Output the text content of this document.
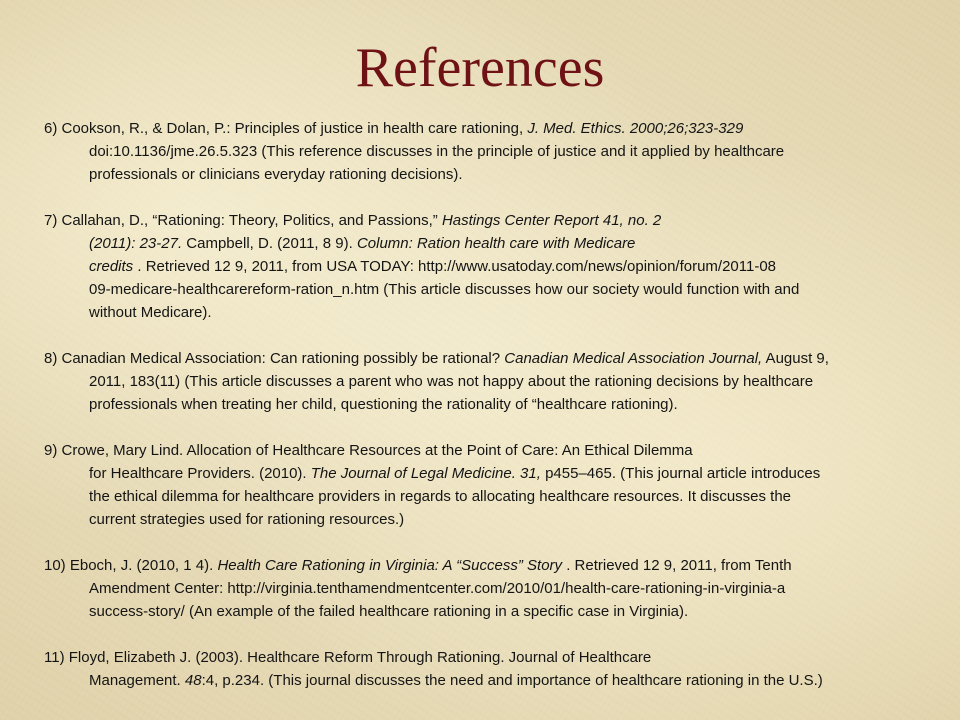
References
6) Cookson, R., & Dolan, P.: Principles of justice in health care rationing, J. Med. Ethics. 2000;26;323-329
doi:10.1136/jme.26.5.323 (This reference discusses in the principle of justice and it applied by healthcare
professionals or clinicians everyday rationing decisions).
7) Callahan, D., “Rationing: Theory, Politics, and Passions,” Hastings Center Report 41, no. 2
(2011): 23-27. Campbell, D. (2011, 8 9). Column: Ration health care with Medicare
credits . Retrieved 12 9, 2011, from USA TODAY: http://www.usatoday.com/news/opinion/forum/2011-08
09-medicare-healthcarereform-ration_n.htm (This article discusses how our society would function with and
without Medicare).
8) Canadian Medical Association: Can rationing possibly be rational? Canadian Medical Association Journal, August 9,
2011, 183(11) (This article discusses a parent who was not happy about the rationing decisions by healthcare
professionals when treating her child, questioning the rationality of “healthcare rationing).
9) Crowe, Mary Lind. Allocation of Healthcare Resources at the Point of Care: An Ethical Dilemma
for Healthcare Providers. (2010). The Journal of Legal Medicine. 31, p455–465. (This journal article introduces
the ethical dilemma for healthcare providers in regards to allocating healthcare resources. It discusses the
current strategies used for rationing resources.)
10) Eboch, J. (2010, 1 4). Health Care Rationing in Virginia: A “Success” Story . Retrieved 12 9, 2011, from Tenth
Amendment Center: http://virginia.tenthamendmentcenter.com/2010/01/health-care-rationing-in-virginia-a
success-story/ (An example of the failed healthcare rationing in a specific case in Virginia).
11) Floyd, Elizabeth J. (2003). Healthcare Reform Through Rationing. Journal of Healthcare
Management. 48:4, p.234. (This journal discusses the need and importance of healthcare rationing in the U.S.)
